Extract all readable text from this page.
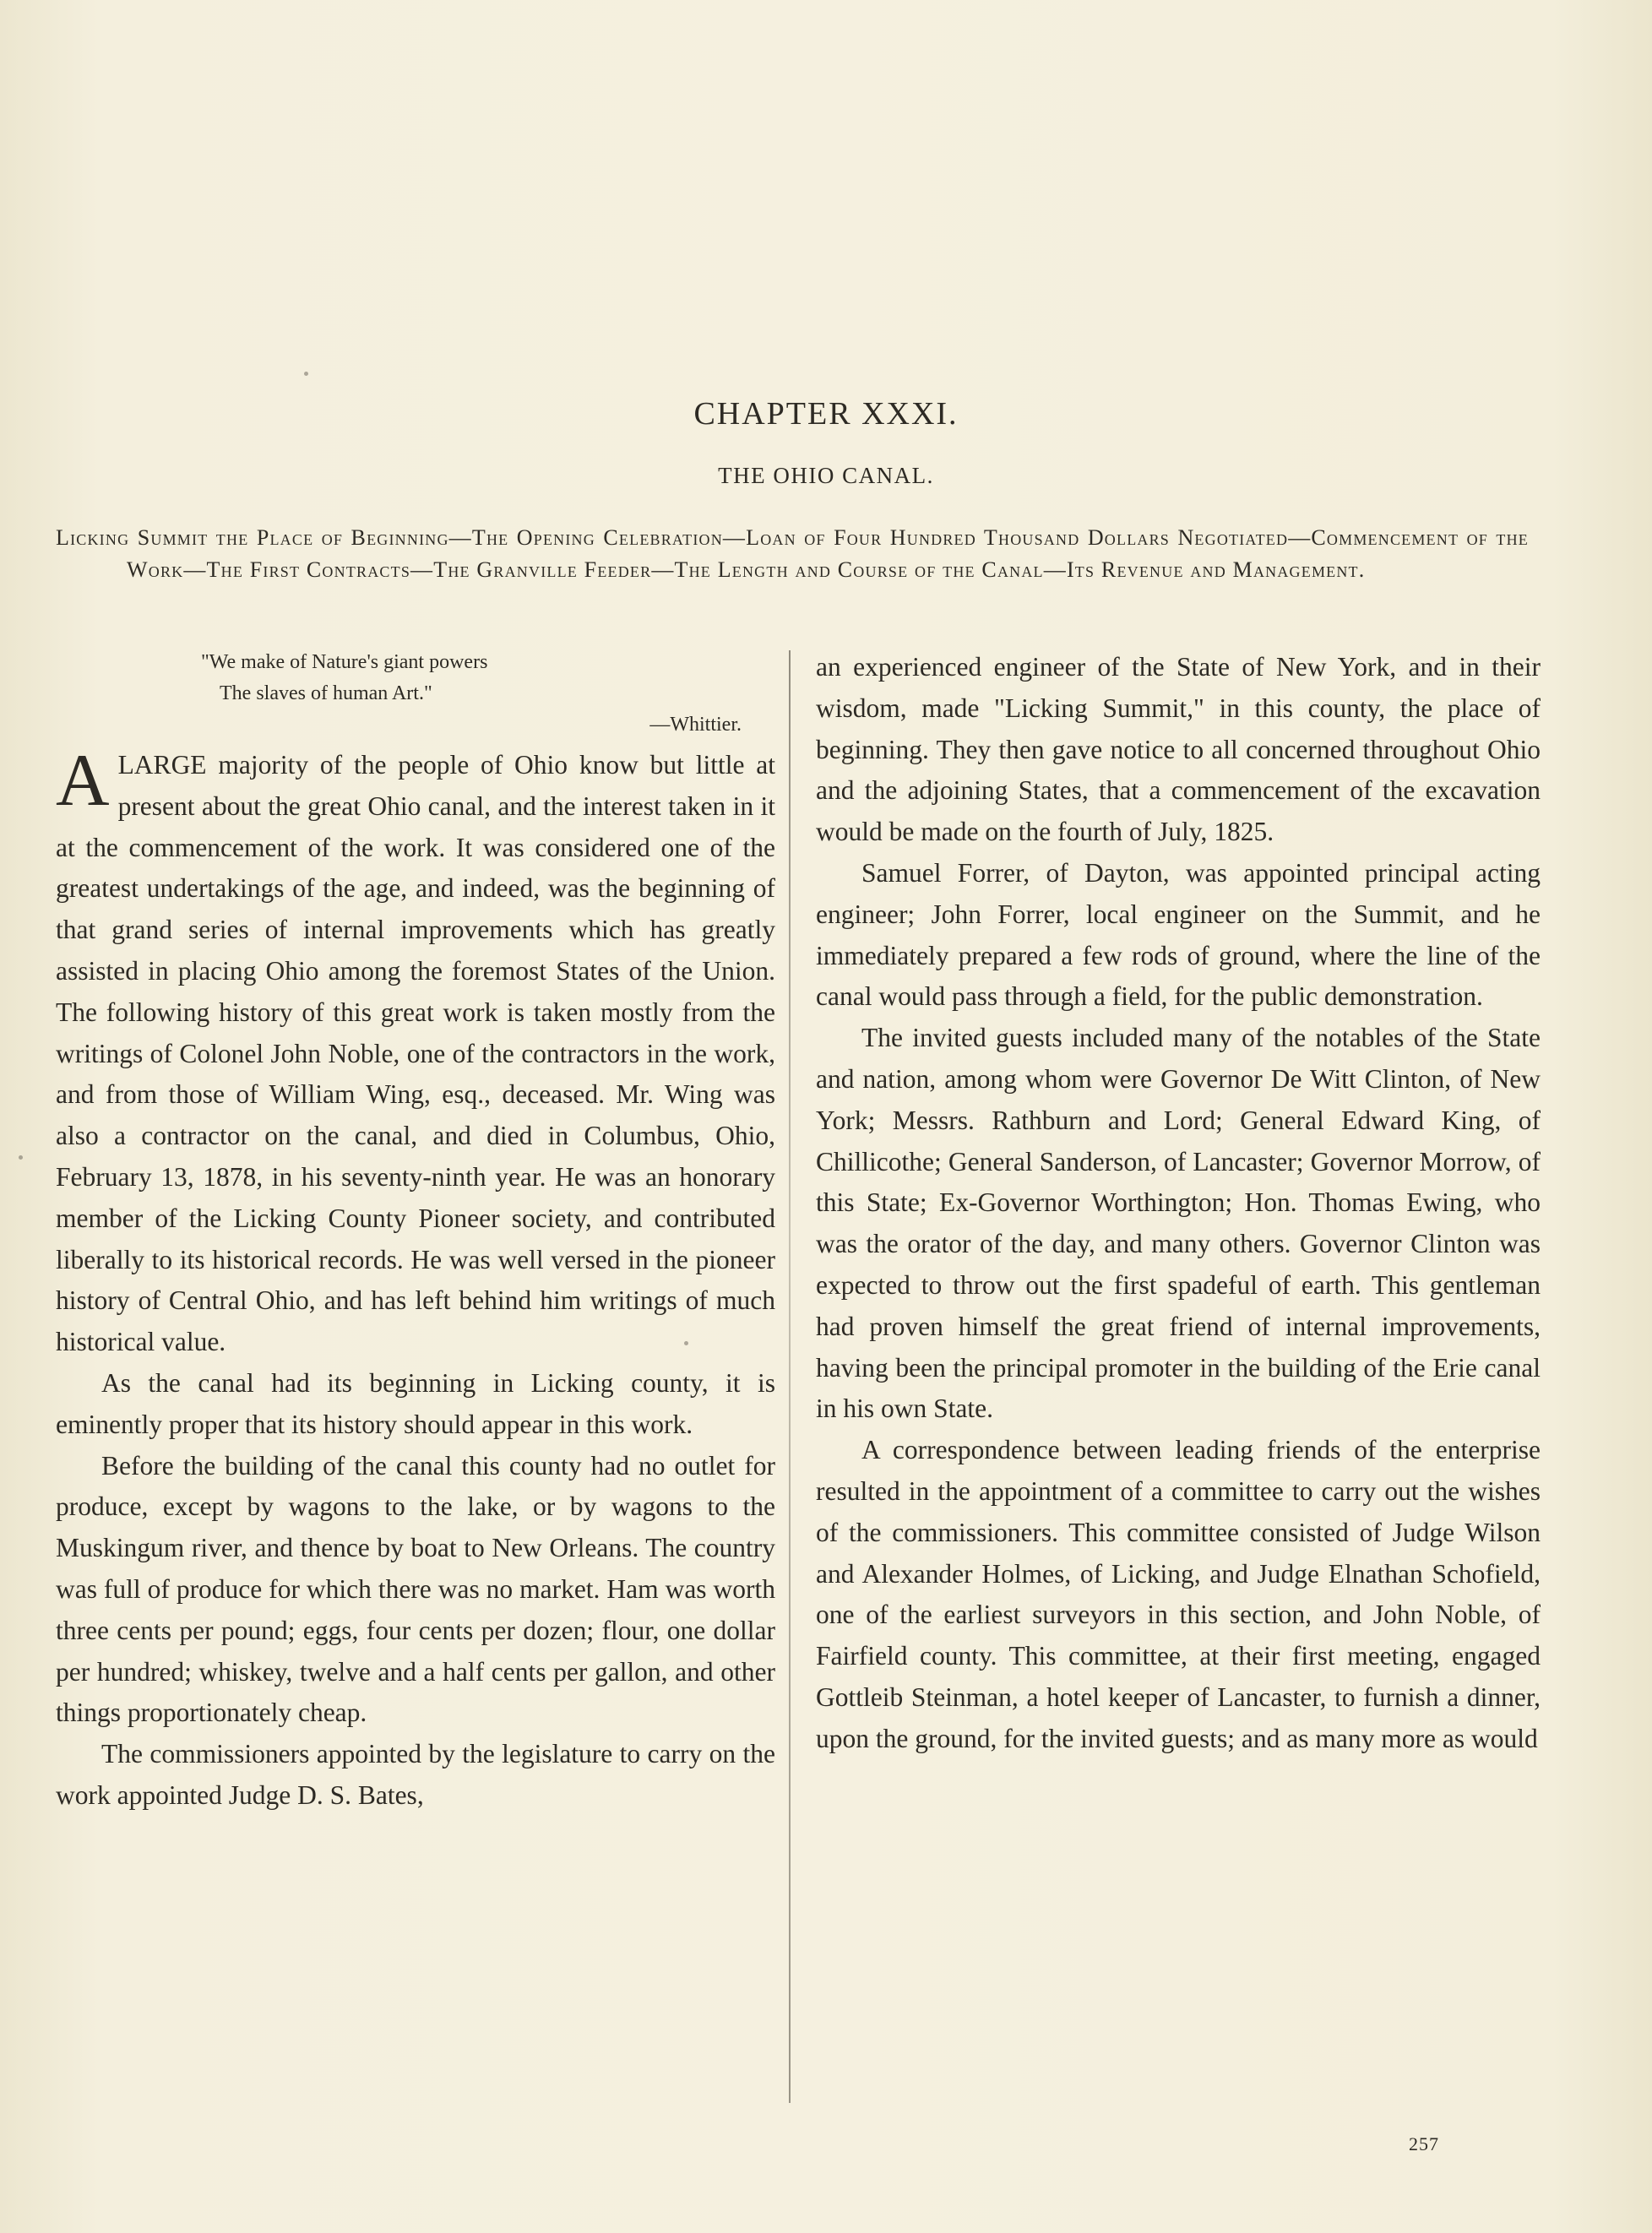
CHAPTER XXXI.
THE OHIO CANAL.

Licking Summit the Place of Beginning—The Opening Celebration—Loan of Four Hundred Thousand Dollars Negotiated—Commencement of the Work—The First Contracts—The Granville Feeder—The Length and Course of the Canal—Its Revenue and Management.

"We make of Nature's giant powers
The slaves of human Art."
—Whittier.

ALARGE majority of the people of Ohio know but little at present about the great Ohio canal, and the interest taken in it at the commencement of the work. It was considered one of the greatest undertakings of the age, and indeed, was the beginning of that grand series of internal improvements which has greatly assisted in placing Ohio among the foremost States of the Union. The following history of this great work is taken mostly from the writings of Colonel John Noble, one of the contractors in the work, and from those of William Wing, esq., deceased. Mr. Wing was also a contractor on the canal, and died in Columbus, Ohio, February 13, 1878, in his seventy-ninth year. He was an honorary member of the Licking County Pioneer society, and contributed liberally to its historical records. He was well versed in the pioneer history of Central Ohio, and has left behind him writings of much historical value.

As the canal had its beginning in Licking county, it is eminently proper that its history should appear in this work.

Before the building of the canal this county had no outlet for produce, except by wagons to the lake, or by wagons to the Muskingum river, and thence by boat to New Orleans. The country was full of produce for which there was no market. Ham was worth three cents per pound; eggs, four cents per dozen; flour, one dollar per hundred; whiskey, twelve and a half cents per gallon, and other things proportionately cheap.

The commissioners appointed by the legislature to carry on the work appointed Judge D. S. Bates,

an experienced engineer of the State of New York, and in their wisdom, made "Licking Summit," in this county, the place of beginning. They then gave notice to all concerned throughout Ohio and the adjoining States, that a commencement of the excavation would be made on the fourth of July, 1825.

Samuel Forrer, of Dayton, was appointed principal acting engineer; John Forrer, local engineer on the Summit, and he immediately prepared a few rods of ground, where the line of the canal would pass through a field, for the public demonstration.

The invited guests included many of the notables of the State and nation, among whom were Governor De Witt Clinton, of New York; Messrs. Rathburn and Lord; General Edward King, of Chillicothe; General Sanderson, of Lancaster; Governor Morrow, of this State; Ex-Governor Worthington; Hon. Thomas Ewing, who was the orator of the day, and many others. Governor Clinton was expected to throw out the first spadeful of earth. This gentleman had proven himself the great friend of internal improvements, having been the principal promoter in the building of the Erie canal in his own State.

A correspondence between leading friends of the enterprise resulted in the appointment of a committee to carry out the wishes of the commissioners. This committee consisted of Judge Wilson and Alexander Holmes, of Licking, and Judge Elnathan Schofield, one of the earliest surveyors in this section, and John Noble, of Fairfield county. This committee, at their first meeting, engaged Gottleib Steinman, a hotel keeper of Lancaster, to furnish a dinner, upon the ground, for the invited guests; and as many more as would

257
